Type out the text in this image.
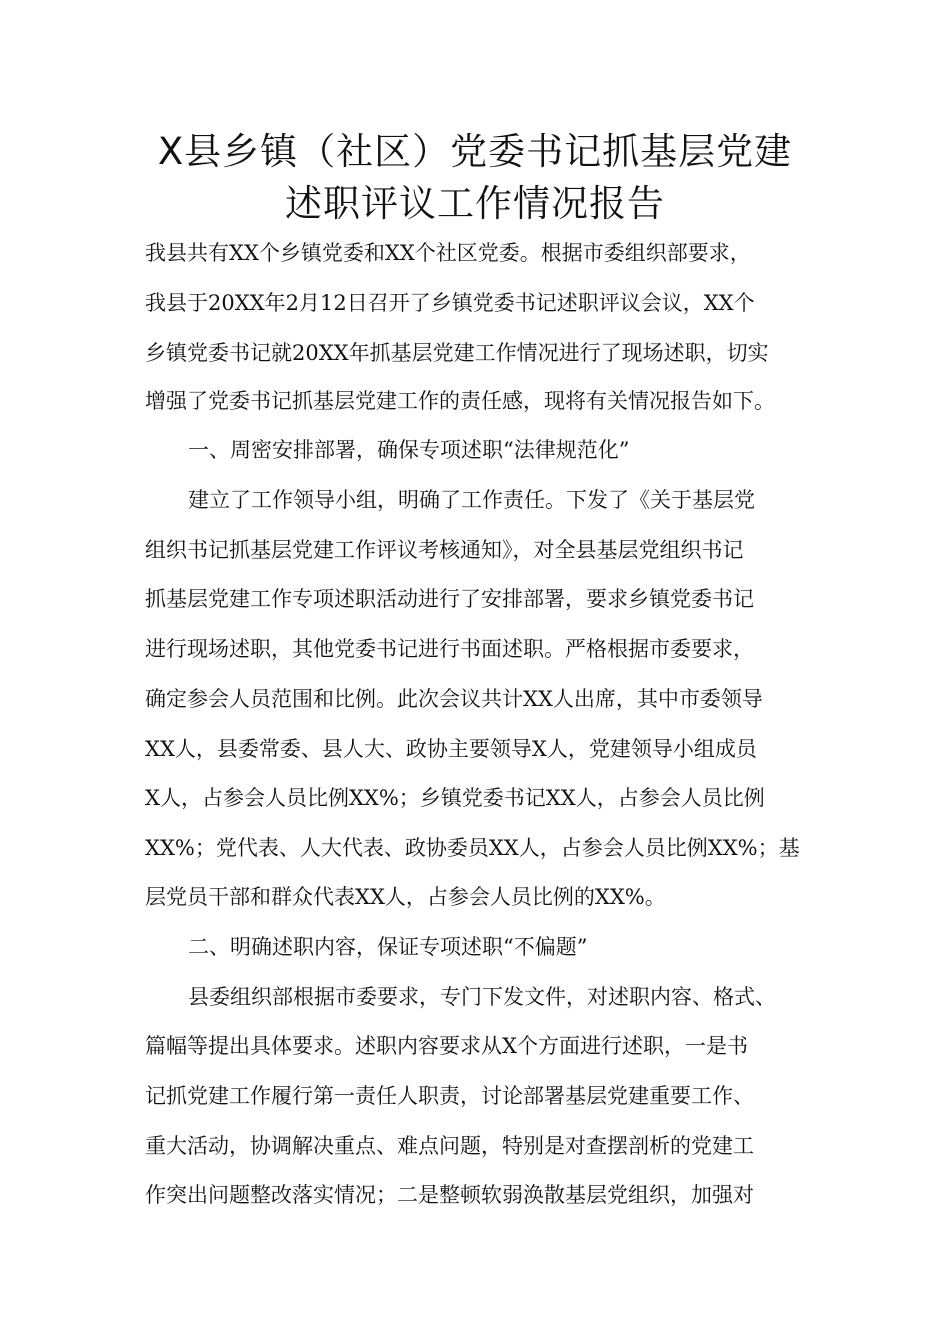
X县乡镇（社区）党委书记抓基层党建
述职评议工作情况报告

我县共有XX个乡镇党委和XX个社区党委。根据市委组织部要求，

我县于20XX年2月12日召开了乡镇党委书记述职评议会议，XX个

乡镇党委书记就20XX年抓基层党建工作情况进行了现场述职，切实

增强了党委书记抓基层党建工作的责任感，现将有关情况报告如下。

一、周密安排部署，确保专项述职“法律规范化”

建立了工作领导小组，明确了工作责任。下发了《关于基层党

组织书记抓基层党建工作评议考核通知》，对全县基层党组织书记

抓基层党建工作专项述职活动进行了安排部署，要求乡镇党委书记

进行现场述职，其他党委书记进行书面述职。严格根据市委要求，

确定参会人员范围和比例。此次会议共计XX人出席，其中市委领导

XX人，县委常委、县人大、政协主要领导X人，党建领导小组成员

X人，占参会人员比例XX%；乡镇党委书记XX人，占参会人员比例

XX%；党代表、人大代表、政协委员XX人，占参会人员比例XX%；基

层党员干部和群众代表XX人，占参会人员比例的XX%。

二、明确述职内容，保证专项述职“不偏题”

县委组织部根据市委要求，专门下发文件，对述职内容、格式、

篇幅等提出具体要求。述职内容要求从X个方面进行述职，一是书

记抓党建工作履行第一责任人职责，讨论部署基层党建重要工作、

重大活动，协调解决重点、难点问题，特别是对查摆剖析的党建工

作突出问题整改落实情况；二是整顿软弱涣散基层党组织，加强对
